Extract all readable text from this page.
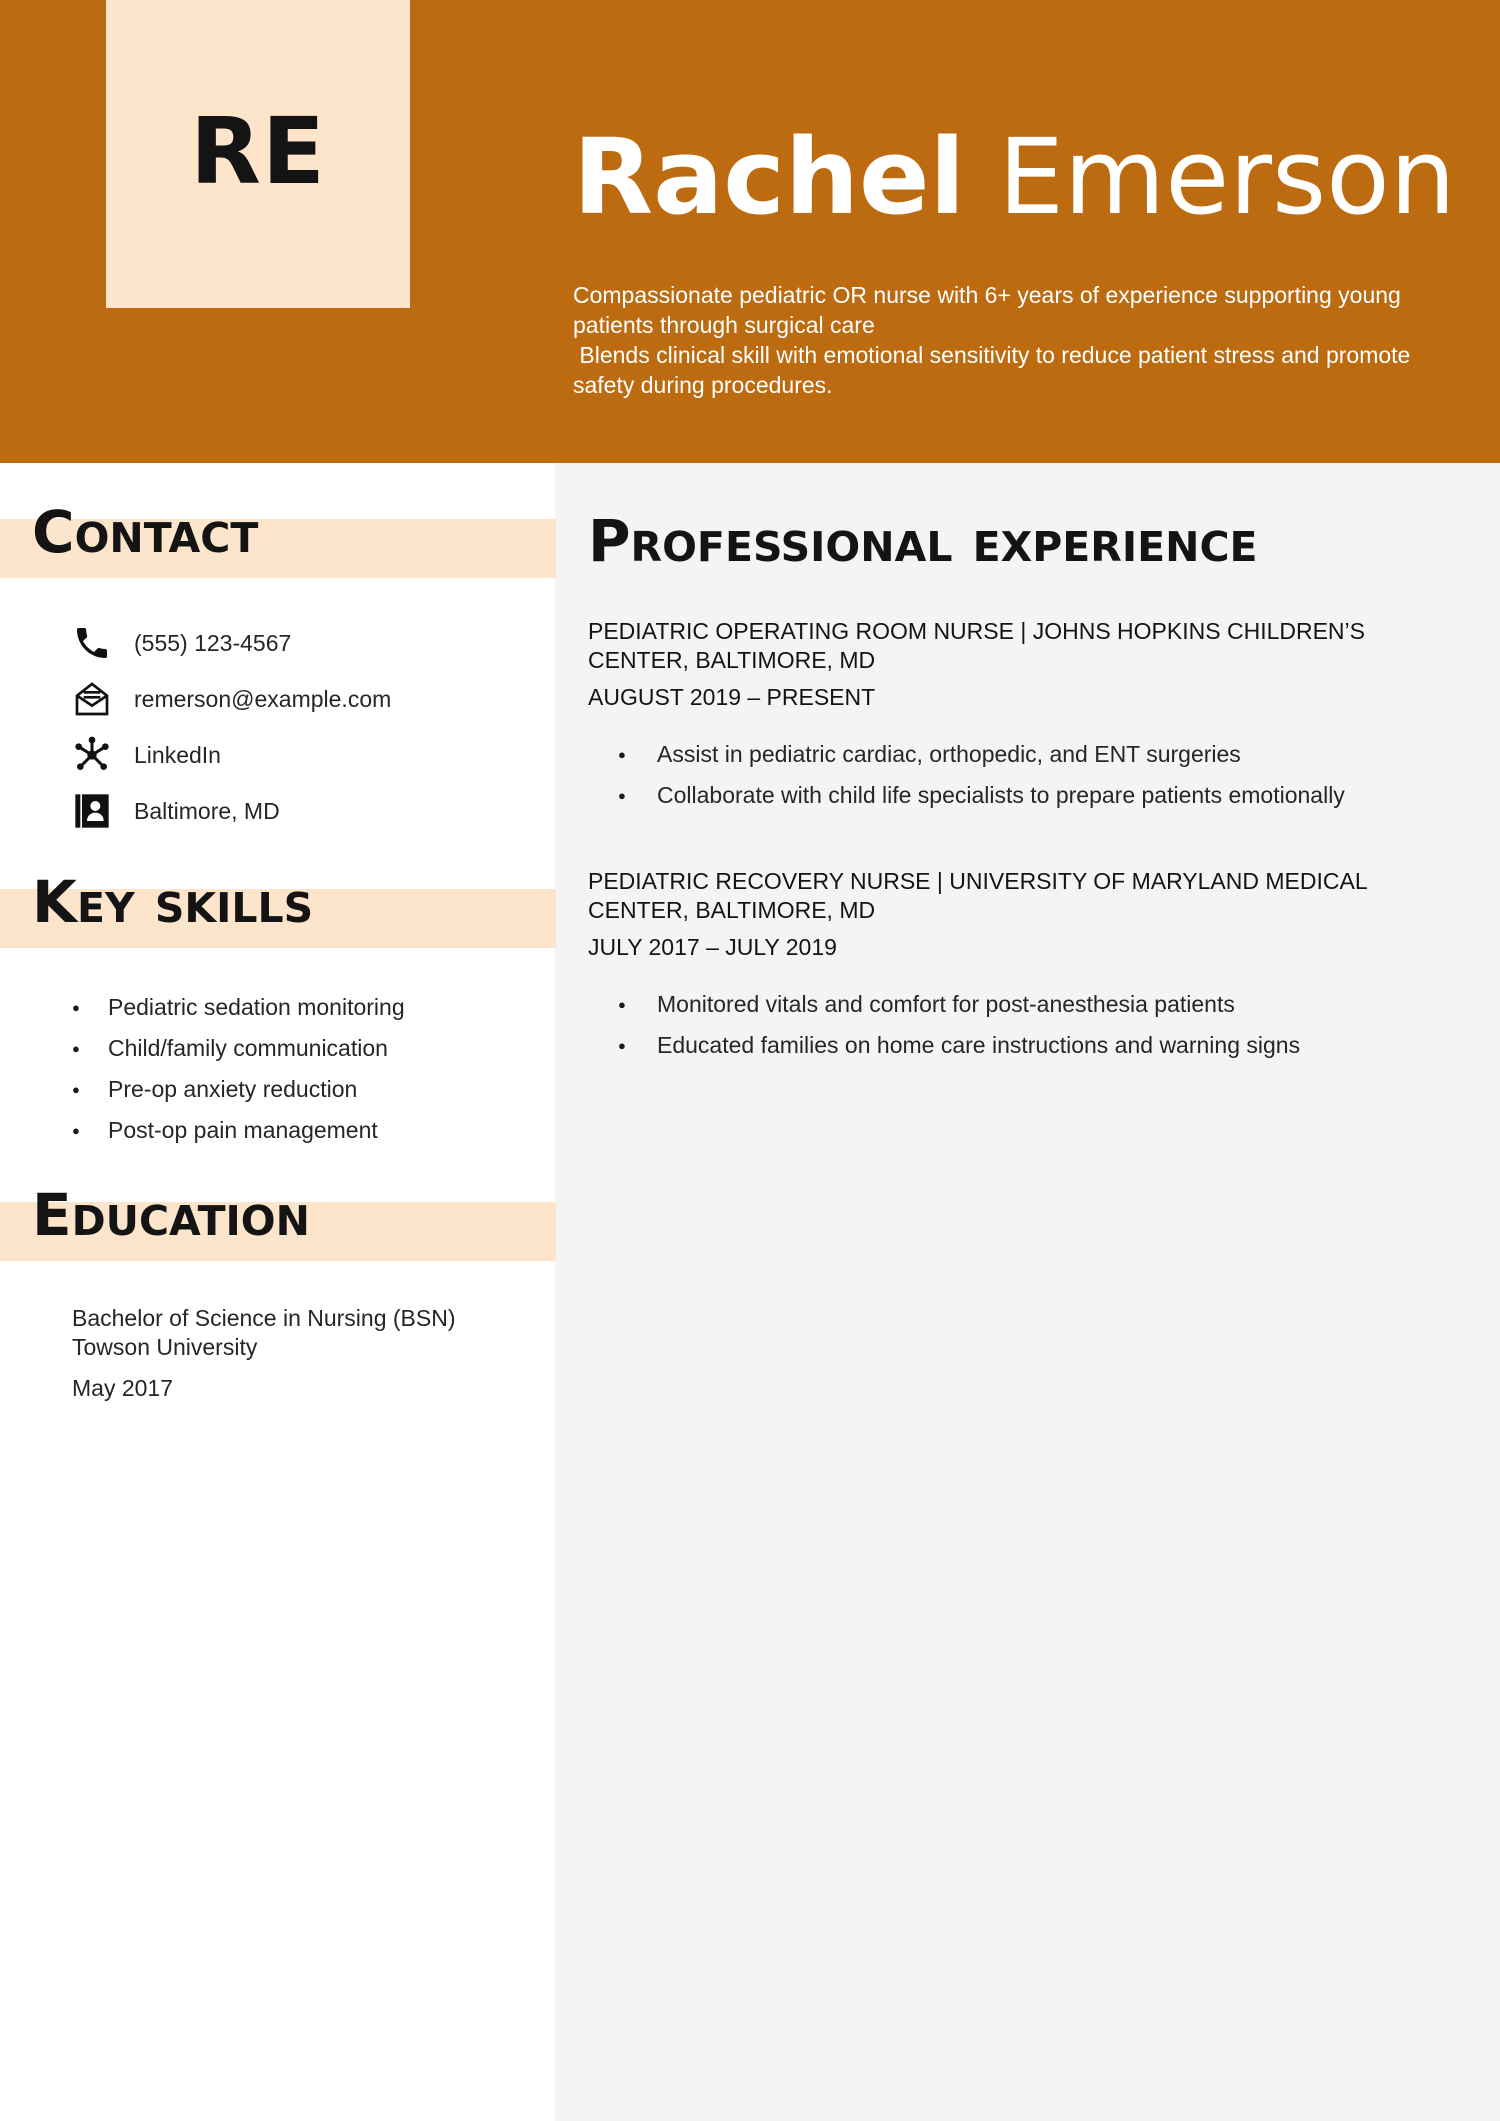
RE Rachel Emerson

Compassionate pediatric OR nurse with 6+ years of experience supporting young patients through surgical care

Blends clinical skill with emotional sensitivity to reduce patient stress and promote safety during procedures.

Contact
(555) 123-4567
remerson@example.com
LinkedIn
Baltimore, MD
Key skills
● Pediatric sedation monitoring
● Child/family communication
● Pre-op anxiety reduction
● Post-op pain management
Education
Bachelor of Science in Nursing (BSN)
Towson University
May 2017
Professional experience
PEDIATRIC OPERATING ROOM NURSE | JOHNS HOPKINS CHILDREN’S CENTER, BALTIMORE, MD
AUGUST 2019 – PRESENT
● Assist in pediatric cardiac, orthopedic, and ENT surgeries
● Collaborate with child life specialists to prepare patients emotionally
PEDIATRIC RECOVERY NURSE | UNIVERSITY OF MARYLAND MEDICAL CENTER, BALTIMORE, MD
JULY 2017 – JULY 2019
● Monitored vitals and comfort for post-anesthesia patients
● Educated families on home care instructions and warning signs
